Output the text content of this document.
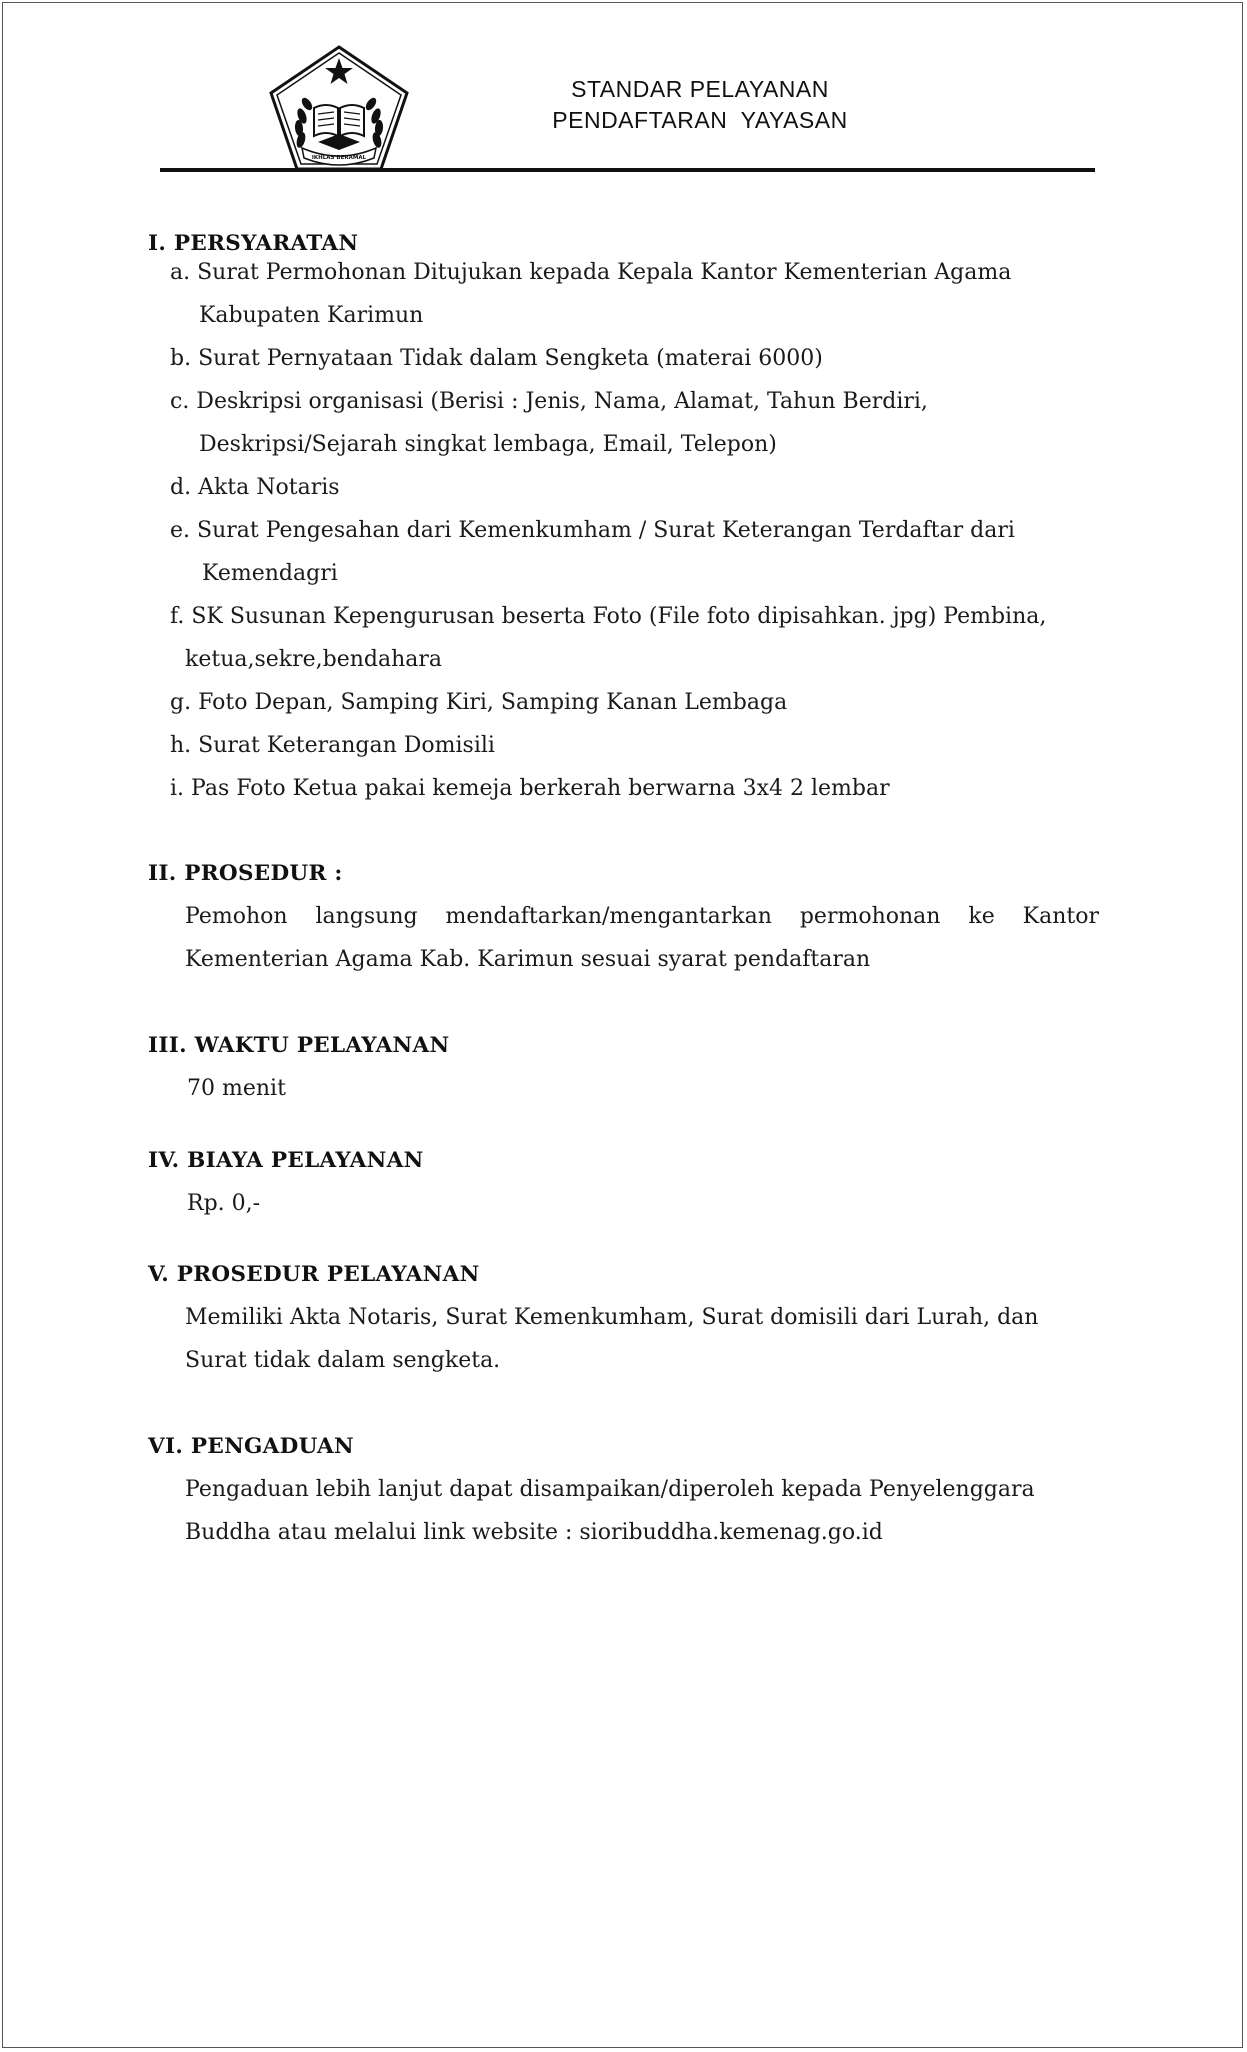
IKHLAS BERAMAL
STANDAR PELAYANAN
PENDAFTARAN  YAYASAN
I. PERSYARATAN
a. Surat Permohonan Ditujukan kepada Kepala Kantor Kementerian Agama
Kabupaten Karimun
b. Surat Pernyataan Tidak dalam Sengketa (materai 6000)
c. Deskripsi organisasi (Berisi : Jenis, Nama, Alamat, Tahun Berdiri,
Deskripsi/Sejarah singkat lembaga, Email, Telepon)
d. Akta Notaris
e. Surat Pengesahan dari Kemenkumham / Surat Keterangan Terdaftar dari
Kemendagri
f. SK Susunan Kepengurusan beserta Foto (File foto dipisahkan. jpg) Pembina,
ketua,sekre,bendahara
g. Foto Depan, Samping Kiri, Samping Kanan Lembaga
h. Surat Keterangan Domisili
i. Pas Foto Ketua pakai kemeja berkerah berwarna 3x4 2 lembar
II. PROSEDUR :
Pemohon langsung mendaftarkan/mengantarkan permohonan ke Kantor
Kementerian Agama Kab. Karimun sesuai syarat pendaftaran
III. WAKTU PELAYANAN
70 menit
IV. BIAYA PELAYANAN
Rp. 0,-
V. PROSEDUR PELAYANAN
Memiliki Akta Notaris, Surat Kemenkumham, Surat domisili dari Lurah, dan
Surat tidak dalam sengketa.
VI. PENGADUAN
Pengaduan lebih lanjut dapat disampaikan/diperoleh kepada Penyelenggara
Buddha atau melalui link website : sioribuddha.kemenag.go.id
